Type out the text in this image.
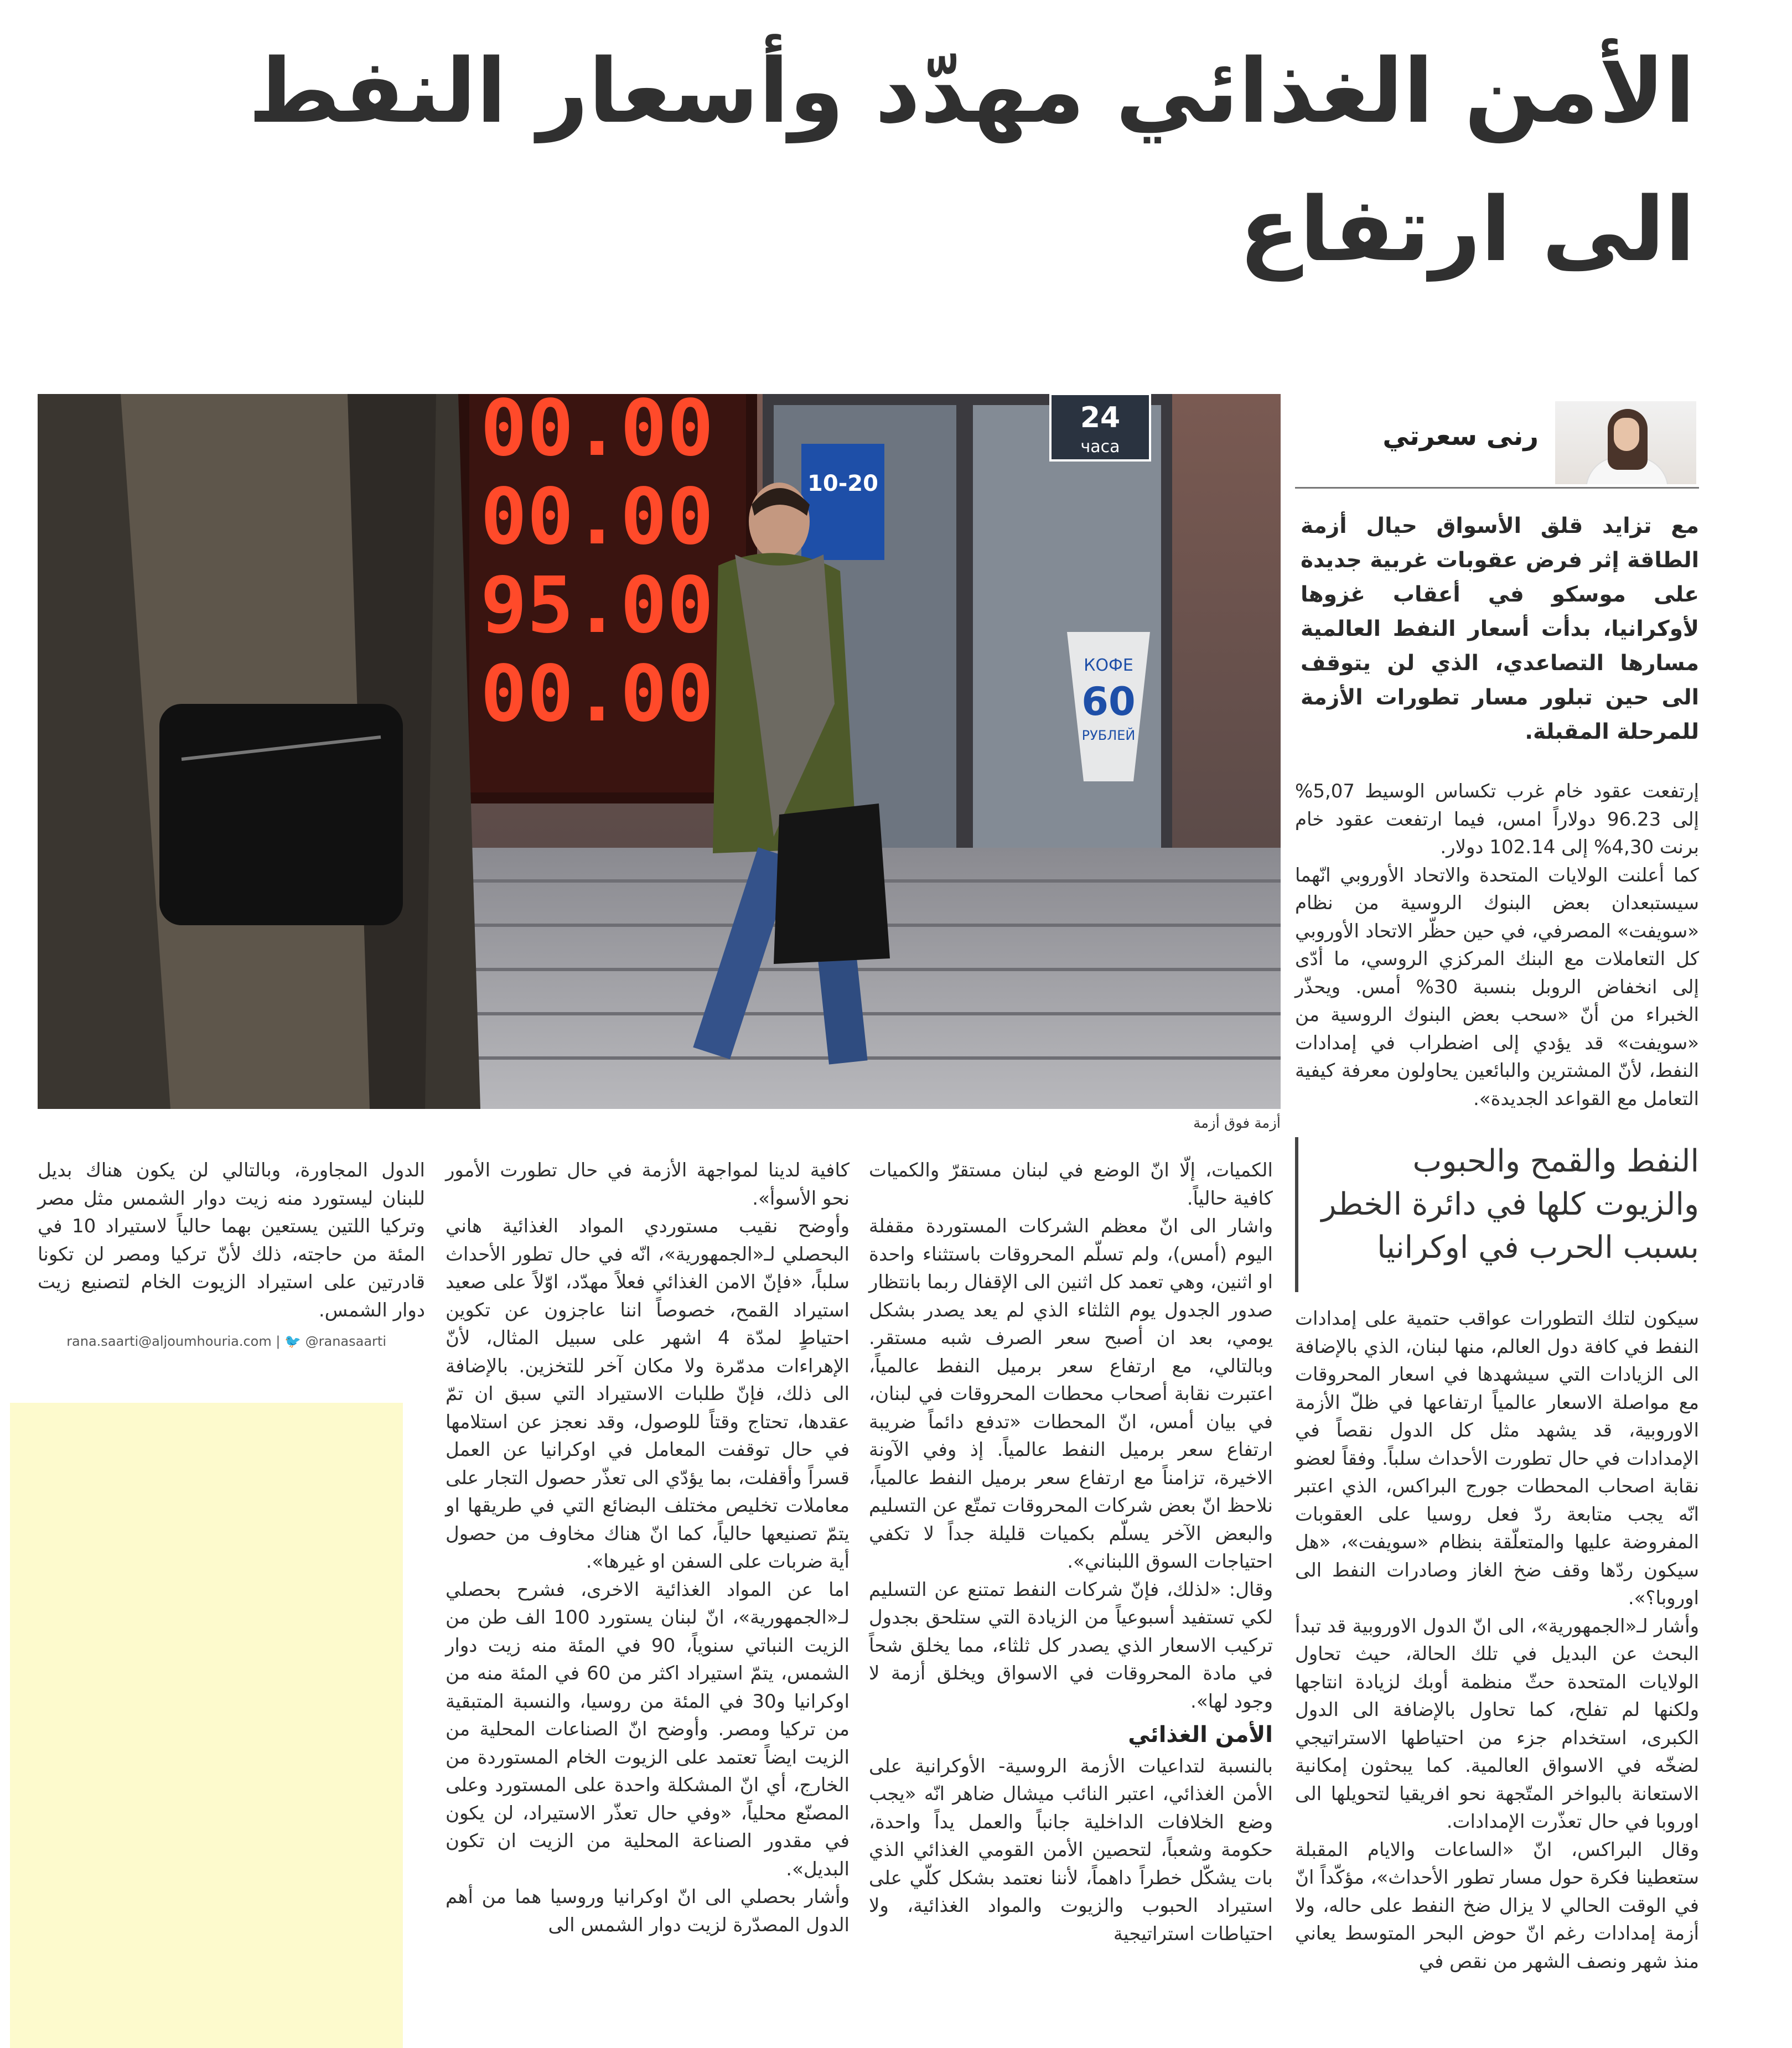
الأمن الغذائي مهدّد وأسعار النفط
الى ارتفاع
رنى سعرتي
مع تزايد قلق الأسواق حيال أزمة الطاقة إثر فرض عقوبات غربية جديدة على موسكو في أعقاب غزوها لأوكرانيا، بدأت أسعار النفط العالمية مسارها التصاعدي، الذي لن يتوقف الى حين تبلور مسار تطورات الأزمة للمرحلة المقبلة.

إرتفعت عقود خام غرب تكساس الوسيط 5,07% إلى 96.23 دولاراً امس، فيما ارتفعت عقود خام برنت 4,30% إلى 102.14 دولار.

كما أعلنت الولايات المتحدة والاتحاد الأوروبي انّهما سيستبعدان بعض البنوك الروسية من نظام «سويفت» المصرفي، في حين حظّر الاتحاد الأوروبي كل التعاملات مع البنك المركزي الروسي، ما أدّى إلى انخفاض الروبل بنسبة 30% أمس. ويحذّر الخبراء من أنّ «سحب بعض البنوك الروسية من «سويفت» قد يؤدي إلى اضطراب في إمدادات النفط، لأنّ المشترين والبائعين يحاولون معرفة كيفية التعامل مع القواعد الجديدة».

النفط والقمح والحبوب والزيوت كلها في دائرة الخطر بسبب الحرب في اوكرانيا

سيكون لتلك التطورات عواقب حتمية على إمدادات النفط في كافة دول العالم، منها لبنان، الذي بالإضافة الى الزيادات التي سيشهدها في اسعار المحروقات مع مواصلة الاسعار عالمياً ارتفاعها في ظلّ الأزمة الاوروبية، قد يشهد مثل كل الدول نقصاً في الإمدادات في حال تطورت الأحداث سلباً. وفقاً لعضو نقابة اصحاب المحطات جورج البراكس، الذي اعتبر انّه يجب متابعة ردّ فعل روسيا على العقوبات المفروضة عليها والمتعلّقة بنظام «سويفت»، «هل سيكون ردّها وقف ضخ الغاز وصادرات النفط الى اوروبا؟».

وأشار لـ«الجمهورية»، الى انّ الدول الاوروبية قد تبدأ البحث عن البديل في تلك الحالة، حيث تحاول الولايات المتحدة حثّ منظمة أوبك لزيادة انتاجها ولكنها لم تفلح، كما تحاول بالإضافة الى الدول الكبرى، استخدام جزء من احتياطها الاستراتيجي لضخّه في الاسواق العالمية. كما يبحثون إمكانية الاستعانة بالبواخر المتّجهة نحو افريقيا لتحويلها الى اوروبا في حال تعذّرت الإمدادات.

وقال البراكس، انّ «الساعات والايام المقبلة ستعطينا فكرة حول مسار تطور الأحداث»، مؤكّداً انّ في الوقت الحالي لا يزال ضخ النفط على حاله، ولا أزمة إمدادات رغم انّ حوض البحر المتوسط يعاني منذ شهر ونصف الشهر من نقص في

الكميات، إلّا انّ الوضع في لبنان مستقرّ والكميات كافية حالياً.

واشار الى انّ معظم الشركات المستوردة مقفلة اليوم (أمس)، ولم تسلّم المحروقات باستثناء واحدة او اثنين، وهي تعمد كل اثنين الى الإقفال ربما بانتظار صدور الجدول يوم الثلثاء الذي لم يعد يصدر بشكل يومي، بعد ان أصبح سعر الصرف شبه مستقر. وبالتالي، مع ارتفاع سعر برميل النفط عالمياً، اعتبرت نقابة أصحاب محطات المحروقات في لبنان، في بيان أمس، انّ المحطات «تدفع دائماً ضريبة ارتفاع سعر برميل النفط عالمياً. إذ وفي الآونة الاخيرة، تزامناً مع ارتفاع سعر برميل النفط عالمياً، نلاحظ انّ بعض شركات المحروقات تمتّع عن التسليم والبعض الآخر يسلّم بكميات قليلة جداً لا تكفي احتياجات السوق اللبناني».

وقال: «لذلك، فإنّ شركات النفط تمتنع عن التسليم لكي تستفيد أسبوعياً من الزيادة التي ستلحق بجدول تركيب الاسعار الذي يصدر كل ثلثاء، مما يخلق شحاً في مادة المحروقات في الاسواق ويخلق أزمة لا وجود لها».

الأمن الغذائي

بالنسبة لتداعيات الأزمة الروسية- الأوكرانية على الأمن الغذائي، اعتبر النائب ميشال ضاهر انّه «يجب وضع الخلافات الداخلية جانباً والعمل يداً واحدة، حكومة وشعباً، لتحصين الأمن القومي الغذائي الذي بات يشكّل خطراً داهماً، لأننا نعتمد بشكل كلّي على استيراد الحبوب والزيوت والمواد الغذائية، ولا احتياطات استراتيجية

كافية لدينا لمواجهة الأزمة في حال تطورت الأمور نحو الأسوأ».

وأوضح نقيب مستوردي المواد الغذائية هاني البحصلي لـ«الجمهورية»، انّه في حال تطور الأحداث سلباً، «فإنّ الامن الغذائي فعلاً مهدّد، اوّلاً على صعيد استيراد القمح، خصوصاً اننا عاجزون عن تكوين احتياطٍ لمدّة 4 اشهر على سبيل المثال، لأنّ الإهراءات مدمّرة ولا مكان آخر للتخزين. بالإضافة الى ذلك، فإنّ طلبات الاستيراد التي سبق ان تمّ عقدها، تحتاج وقتاً للوصول، وقد نعجز عن استلامها في حال توقفت المعامل في اوكرانيا عن العمل قسراً وأقفلت، بما يؤدّي الى تعذّر حصول التجار على معاملات تخليص مختلف البضائع التي في طريقها او يتمّ تصنيعها حالياً، كما انّ هناك مخاوف من حصول أية ضربات على السفن او غيرها».

اما عن المواد الغذائية الاخرى، فشرح بحصلي لـ«الجمهورية»، انّ لبنان يستورد 100 الف طن من الزيت النباتي سنوياً، 90 في المئة منه زيت دوار الشمس، يتمّ استيراد اكثر من 60 في المئة منه من اوكرانيا و30 في المئة من روسيا، والنسبة المتبقية من تركيا ومصر. وأوضح انّ الصناعات المحلية من الزيت ايضاً تعتمد على الزيوت الخام المستوردة من الخارج، أي انّ المشكلة واحدة على المستورد وعلى المصنّع محلياً، «وفي حال تعذّر الاستيراد، لن يكون في مقدور الصناعة المحلية من الزيت ان تكون البديل».

وأشار بحصلي الى انّ اوكرانيا وروسيا هما من أهم الدول المصدّرة لزيت دوار الشمس الى

الدول المجاورة، وبالتالي لن يكون هناك بديل للبنان ليستورد منه زيت دوار الشمس مثل مصر وتركيا اللتين يستعين بهما حالياً لاستيراد 10 في المئة من حاجته، ذلك لأنّ تركيا ومصر لن تكونا قادرتين على استيراد الزيوت الخام لتصنيع زيت دوار الشمس.

rana.saarti@aljoumhouria.com | 🐦 @ranasaarti
00.00
00.00
95.00
00.00
10-20
24
часа
КОФЕ
60
РУБЛЕЙ
أزمة فوق أزمة
